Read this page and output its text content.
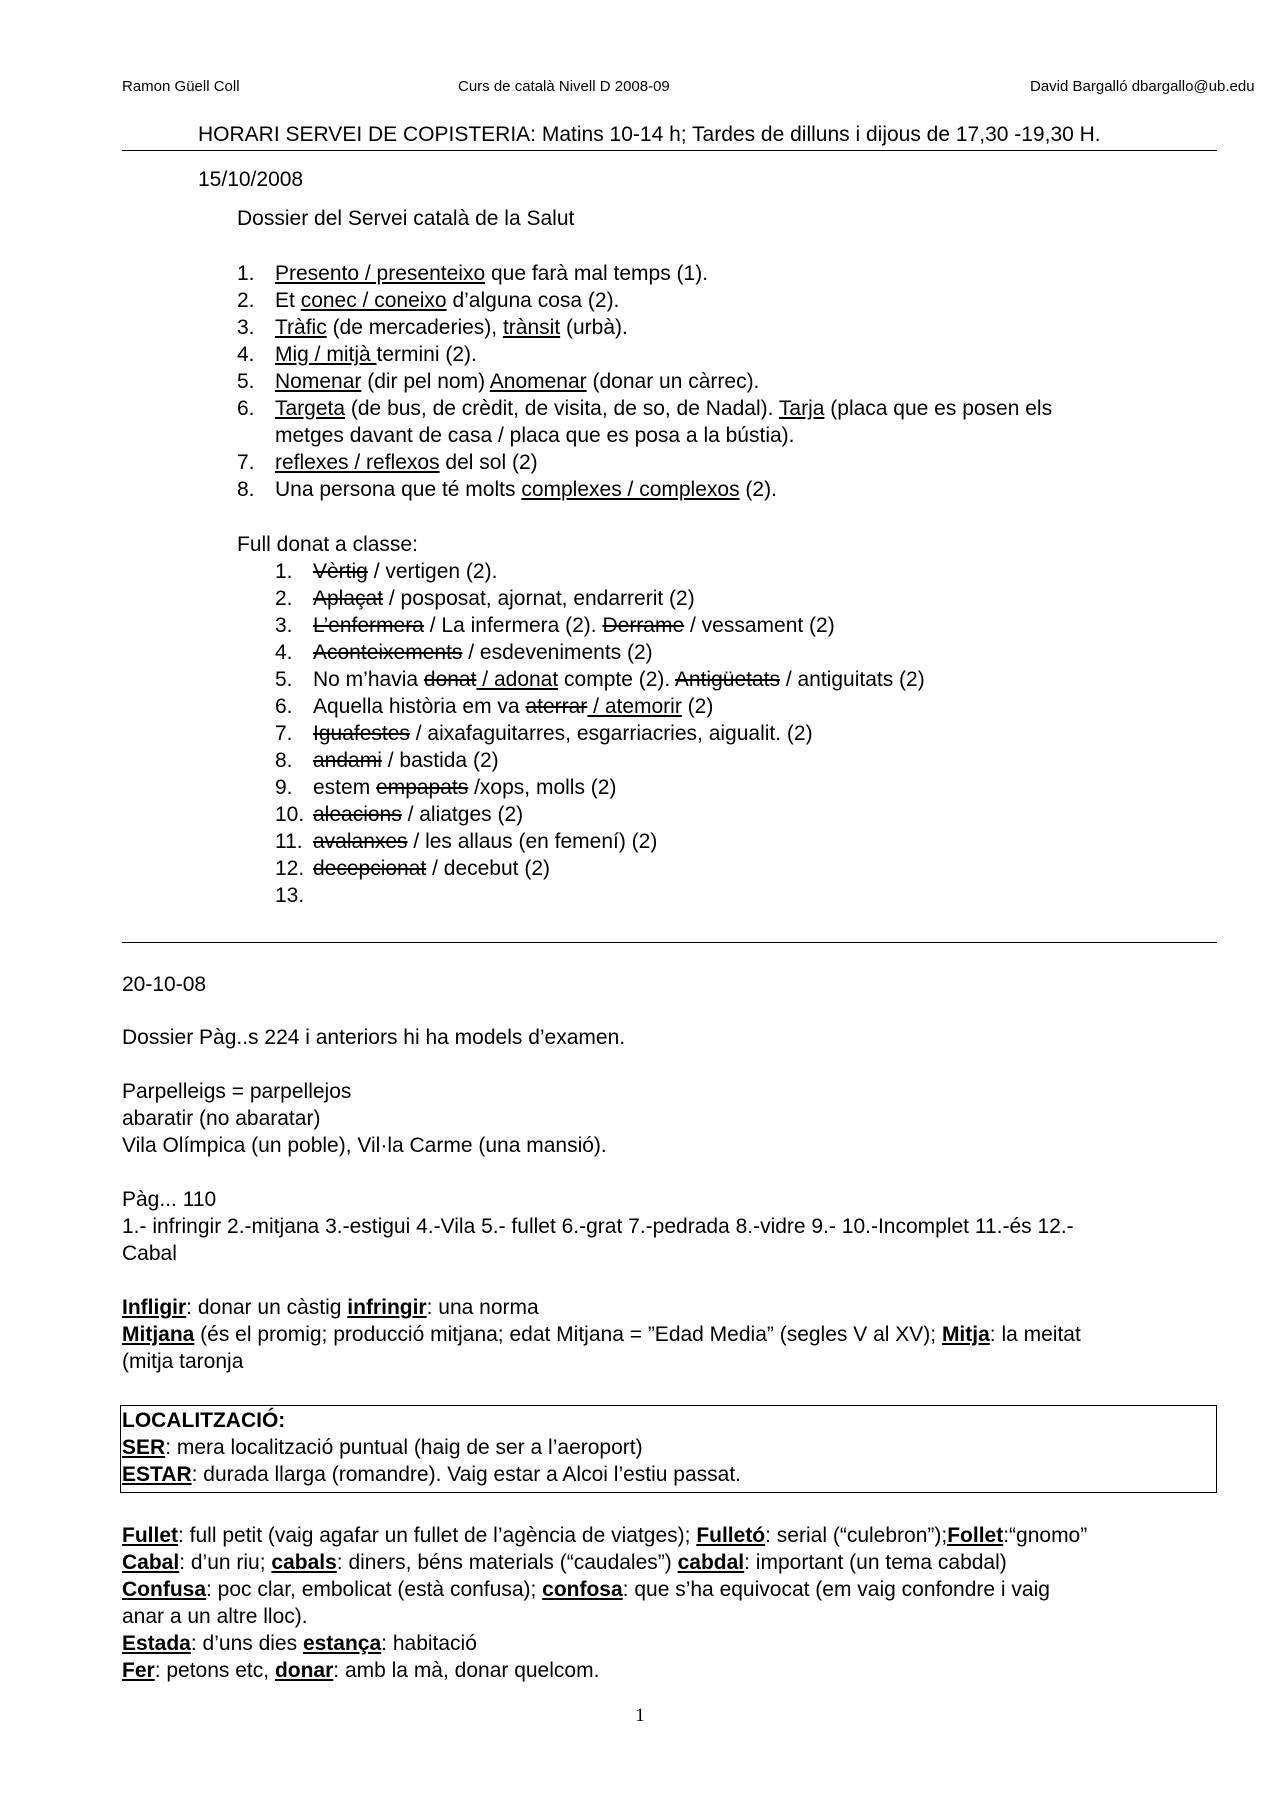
Ramon Güell Coll	Curs de català Nivell D 2008-09	David Bargalló dbargallo@ub.edu
HORARI SERVEI DE COPISTERIA: Matins 10-14 h; Tardes de dilluns i dijous de 17,30 -19,30 H.
15/10/2008
Dossier del Servei català de la Salut
1. Presento / presenteixo que farà mal temps (1).
2. Et conec / coneixo d’alguna cosa (2).
3. Tràfic (de mercaderies), trànsit (urbà).
4. Mig / mitjà termini (2).
5. Nomenar (dir pel nom) Anomenar (donar un càrrec).
6. Targeta (de bus, de crèdit, de visita, de so, de Nadal). Tarja (placa que es posen els
metges davant de casa / placa que es posa a la bústia).
7. reflexes / reflexos del sol (2)
8. Una persona que té molts complexes / complexos (2).
Full donat a classe:
1. Vèrtig / vertigen (2).
2. Aplaçat / posposat, ajornat, endarrerit (2)
3. L’enfermera / La infermera (2). Derrame / vessament (2)
4. Aconteixements / esdeveniments (2)
5. No m’havia donat / adonat compte (2). Antigüetats / antiguitats (2)
6. Aquella història em va aterrar / atemorir (2)
7. Iguafestes / aixafaguitarres, esgarriacries, aigualit. (2)
8. andami / bastida (2)
9. estem empapats /xops, molls (2)
10. aleacions / aliatges (2)
11. avalanxes / les allaus (en femení) (2)
12. decepcionat / decebut (2)
13.
20-10-08
Dossier Pàg..s 224 i anteriors hi ha models d’examen.
Parpelleigs = parpellejos
abaratir (no abaratar)
Vila Olímpica (un poble), Vil·la Carme (una mansió).
Pàg... 110
1.- infringir 2.-mitjana 3.-estigui 4.-Vila 5.- fullet 6.-grat 7.-pedrada 8.-vidre 9.- 10.-Incomplet 11.-és 12.-
Cabal
Infligir: donar un càstig infringir: una norma
Mitjana (és el promig; producció mitjana; edat Mitjana = ”Edad Media” (segles V al XV); Mitja: la meitat
(mitja taronja
LOCALITZACIÓ:
SER: mera localització puntual (haig de ser a l’aeroport)
ESTAR: durada llarga (romandre). Vaig estar a Alcoi l’estiu passat.
Fullet: full petit (vaig agafar un fullet de l’agència de viatges); Fulletó: serial (“culebron”);Follet:“gnomo”
Cabal: d’un riu; cabals: diners, béns materials (“caudales”) cabdal: important (un tema cabdal)
Confusa: poc clar, embolicat (està confusa); confosa: que s’ha equivocat (em vaig confondre i vaig
anar a un altre lloc).
Estada: d’uns dies estança: habitació
Fer: petons etc, donar: amb la mà, donar quelcom.
1
